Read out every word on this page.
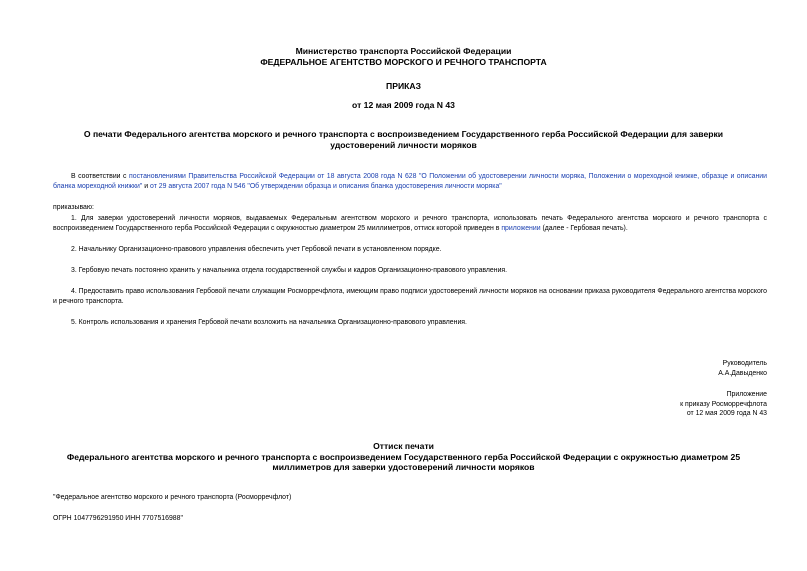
Министерство транспорта Российской Федерации
ФЕДЕРАЛЬНОЕ АГЕНТСТВО МОРСКОГО И РЕЧНОГО ТРАНСПОРТА
ПРИКАЗ
от 12 мая 2009 года N 43
О печати Федерального агентства морского и речного транспорта с воспроизведением Государственного герба Российской Федерации для заверки удостоверений личности моряков
В соответствии с постановлениями Правительства Российской Федерации от 18 августа 2008 года N 628 "О Положении об удостоверении личности моряка, Положении о мореходной книжке, образце и описании бланка мореходной книжки" и от 29 августа 2007 года N 546 "Об утверждении образца и описания бланка удостоверения личности моряка"
приказываю:
1. Для заверки удостоверений личности моряков, выдаваемых Федеральным агентством морского и речного транспорта, использовать печать Федерального агентства морского и речного транспорта с воспроизведением Государственного герба Российской Федерации с окружностью диаметром 25 миллиметров, оттиск которой приведен в приложении (далее - Гербовая печать).
2. Начальнику Организационно-правового управления обеспечить учет Гербовой печати в установленном порядке.
3. Гербовую печать постоянно хранить у начальника отдела государственной службы и кадров Организационно-правового управления.
4. Предоставить право использования Гербовой печати служащим Росморречфлота, имеющим право подписи удостоверений личности моряков на основании приказа руководителя Федерального агентства морского и речного транспорта.
5. Контроль использования и хранения Гербовой печати возложить на начальника Организационно-правового управления.
Руководитель
А.А.Давыденко
Приложение
к приказу Росморречфлота
от 12 мая 2009 года N 43
Оттиск печати
Федерального агентства морского и речного транспорта с воспроизведением Государственного герба Российской Федерации с окружностью диаметром 25 миллиметров для заверки удостоверений личности моряков
"Федеральное агентство морского и речного транспорта (Росморречфлот)
ОГРН 1047796291950 ИНН 7707516988"
